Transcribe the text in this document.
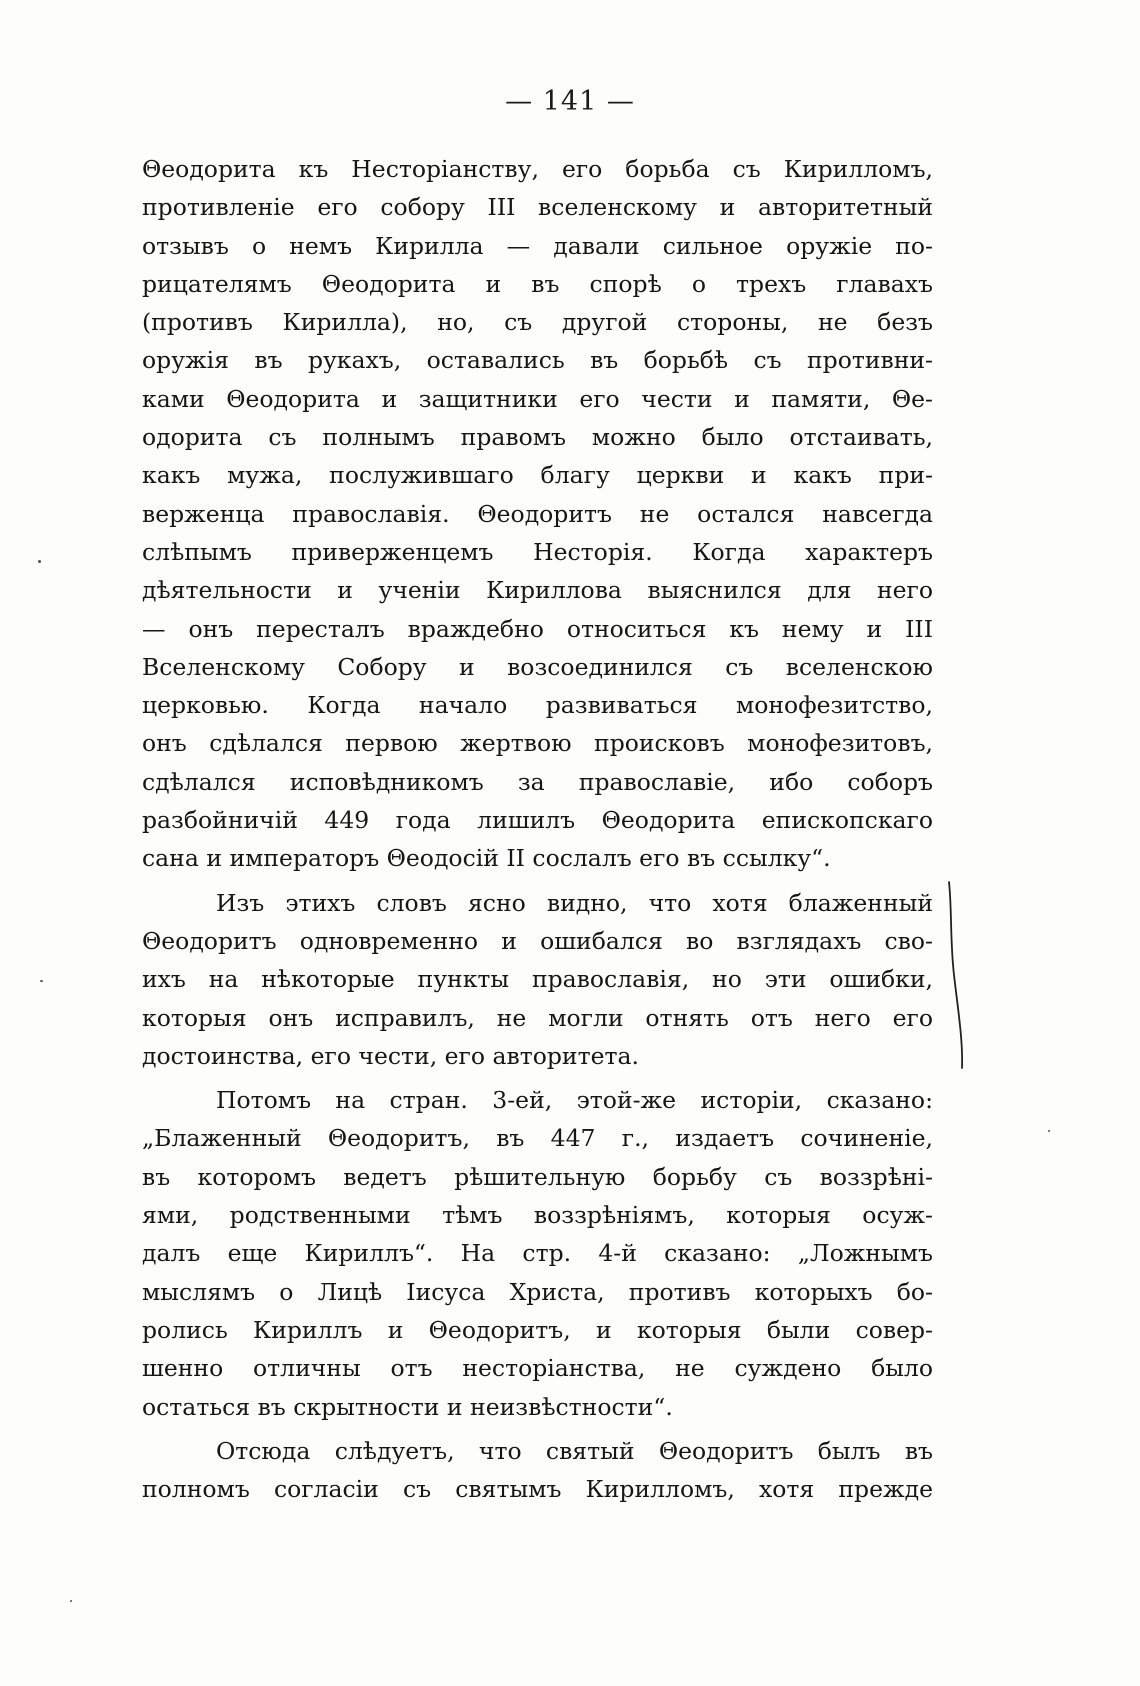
— 141 —

Θеодорита къ Несторіанству, его борьба съ Кирилломъ,
противленіе его собору III вселенскому и авторитетный
отзывъ о немъ Кирилла — давали сильное оружіе по-
рицателямъ Θеодорита и въ спорѣ о трехъ главахъ
(противъ Кирилла), но, съ другой стороны, не безъ
оружія въ рукахъ, оставались въ борьбѣ съ противни-
ками Θеодорита и защитники его чести и памяти, Θе-
одорита съ полнымъ правомъ можно было отстаивать,
какъ мужа, послужившаго благу церкви и какъ при-
верженца православія. Θеодоритъ не остался навсегда
слѣпымъ приверженцемъ Несторія. Когда характеръ
дѣятельности и ученіи Кириллова выяснился для него
— онъ пересталъ враждебно относиться къ нему и III
Вселенскому Собору и возсоединился съ вселенскою
церковью. Когда начало развиваться монофезитство,
онъ сдѣлался первою жертвою происковъ монофезитовъ,
сдѣлался исповѣдникомъ за православіе, ибо соборъ
разбойничій 449 года лишилъ Θеодорита епископскаго
сана и императоръ Θеодосій II сослалъ его въ ссылку“.

Изъ этихъ словъ ясно видно, что хотя блаженный
Θеодоритъ одновременно и ошибался во взглядахъ сво-
ихъ на нѣкоторые пункты православія, но эти ошибки,
которыя онъ исправилъ, не могли отнять отъ него его
достоинства, его чести, его авторитета.

Потомъ на стран. 3-ей, этой-же исторіи, сказано:
„Блаженный Θеодоритъ, въ 447 г., издаетъ сочиненіе,
въ которомъ ведетъ рѣшительную борьбу съ воззрѣні-
ями, родственными тѣмъ воззрѣніямъ, которыя осуж-
далъ еще Кириллъ“. На стр. 4-й сказано: „Ложнымъ
мыслямъ о Лицѣ Іисуса Христа, противъ которыхъ бо-
ролись Кириллъ и Θеодоритъ, и которыя были совер-
шенно отличны отъ несторіанства, не суждено было
остаться въ скрытности и неизвѣстности“.

Отсюда слѣдуетъ, что святый Θеодоритъ былъ въ
полномъ согласіи съ святымъ Кирилломъ, хотя прежде
